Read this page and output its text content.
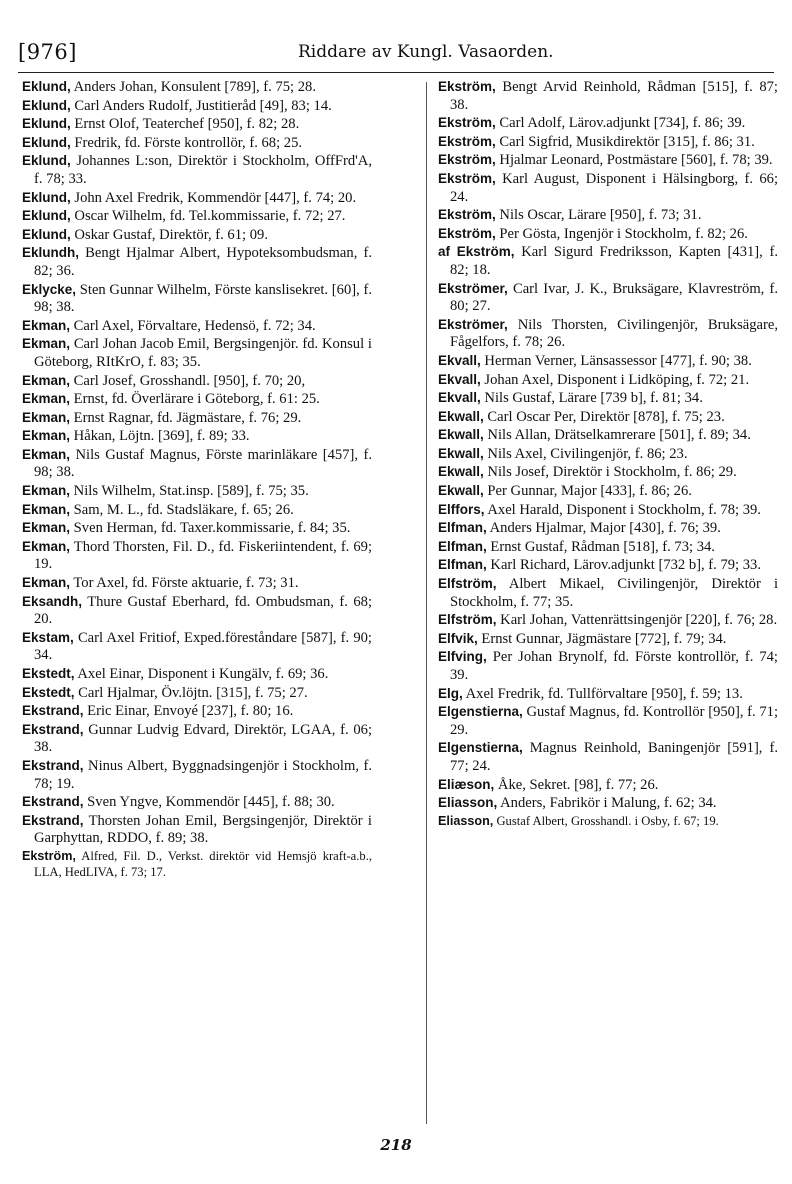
[976]	Riddare av Kungl. Vasaorden.

Eklund, Anders Johan, Konsulent [789], f. 75; 28.

Eklund, Carl Anders Rudolf, Justitieråd [49], 83; 14.

Eklund, Ernst Olof, Teaterchef [950], f. 82; 28.

Eklund, Fredrik, fd. Förste kontrollör, f. 68; 25.

Eklund, Johannes L:son, Direktör i Stockholm, OffFrd'A, f. 78; 33.

Eklund, John Axel Fredrik, Kommendör [447], f. 74; 20.

Eklund, Oscar Wilhelm, fd. Tel.kommissarie, f. 72; 27.

Eklund, Oskar Gustaf, Direktör, f. 61; 09.

Eklundh, Bengt Hjalmar Albert, Hypoteksombudsman, f. 82; 36.

Eklycke, Sten Gunnar Wilhelm, Förste kanslisekret. [60], f. 98; 38.

Ekman, Carl Axel, Förvaltare, Hedensö, f. 72; 34.

Ekman, Carl Johan Jacob Emil, Bergsingenjör. fd. Konsul i Göteborg, RItKrO, f. 83; 35.

Ekman, Carl Josef, Grosshandl. [950], f. 70; 20,

Ekman, Ernst, fd. Överlärare i Göteborg, f. 61: 25.

Ekman, Ernst Ragnar, fd. Jägmästare, f. 76; 29.

Ekman, Håkan, Löjtn. [369], f. 89; 33.

Ekman, Nils Gustaf Magnus, Förste marinläkare [457], f. 98; 38.

Ekman, Nils Wilhelm, Stat.insp. [589], f. 75; 35.

Ekman, Sam, M. L., fd. Stadsläkare, f. 65; 26.

Ekman, Sven Herman, fd. Taxer.kommissarie, f. 84; 35.

Ekman, Thord Thorsten, Fil. D., fd. Fiskeriintendent, f. 69; 19.

Ekman, Tor Axel, fd. Förste aktuarie, f. 73; 31.

Eksandh, Thure Gustaf Eberhard, fd. Ombudsman, f. 68; 20.

Ekstam, Carl Axel Fritiof, Exped.föreståndare [587], f. 90; 34.

Ekstedt, Axel Einar, Disponent i Kungälv, f. 69; 36.

Ekstedt, Carl Hjalmar, Öv.löjtn. [315], f. 75; 27.

Ekstrand, Eric Einar, Envoyé [237], f. 80; 16.

Ekstrand, Gunnar Ludvig Edvard, Direktör, LGAA, f. 06; 38.

Ekstrand, Ninus Albert, Byggnadsingenjör i Stockholm, f. 78; 19.

Ekstrand, Sven Yngve, Kommendör [445], f. 88; 30.

Ekstrand, Thorsten Johan Emil, Bergsingenjör, Direktör i Garphyttan, RDDO, f. 89; 38.

Ekström, Alfred, Fil. D., Verkst. direktör vid Hemsjö kraft-a.b., LLA, HedLIVA, f. 73; 17.

Ekström, Bengt Arvid Reinhold, Rådman [515], f. 87; 38.

Ekström, Carl Adolf, Lärov.adjunkt [734], f. 86; 39.

Ekström, Carl Sigfrid, Musikdirektör [315], f. 86; 31.

Ekström, Hjalmar Leonard, Postmästare [560], f. 78; 39.

Ekström, Karl August, Disponent i Hälsingborg, f. 66; 24.

Ekström, Nils Oscar, Lärare [950], f. 73; 31.

Ekström, Per Gösta, Ingenjör i Stockholm, f. 82; 26.

af Ekström, Karl Sigurd Fredriksson, Kapten [431], f. 82; 18.

Ekströmer, Carl Ivar, J. K., Bruksägare, Klavreström, f. 80; 27.

Ekströmer, Nils Thorsten, Civilingenjör, Bruksägare, Fågelfors, f. 78; 26.

Ekvall, Herman Verner, Länsassessor [477], f. 90; 38.

Ekvall, Johan Axel, Disponent i Lidköping, f. 72; 21.

Ekvall, Nils Gustaf, Lärare [739 b], f. 81; 34.

Ekwall, Carl Oscar Per, Direktör [878], f. 75; 23.

Ekwall, Nils Allan, Drätselkamrerare [501], f. 89; 34.

Ekwall, Nils Axel, Civilingenjör, f. 86; 23.

Ekwall, Nils Josef, Direktör i Stockholm, f. 86; 29.

Ekwall, Per Gunnar, Major [433], f. 86; 26.

Elffors, Axel Harald, Disponent i Stockholm, f. 78; 39.

Elfman, Anders Hjalmar, Major [430], f. 76; 39.

Elfman, Ernst Gustaf, Rådman [518], f. 73; 34.

Elfman, Karl Richard, Lärov.adjunkt [732 b], f. 79; 33.

Elfström, Albert Mikael, Civilingenjör, Direktör i Stockholm, f. 77; 35.

Elfström, Karl Johan, Vattenrättsingenjör [220], f. 76; 28.

Elfvik, Ernst Gunnar, Jägmästare [772], f. 79; 34.

Elfving, Per Johan Brynolf, fd. Förste kontrollör, f. 74; 39.

Elg, Axel Fredrik, fd. Tullförvaltare [950], f. 59; 13.

Elgenstierna, Gustaf Magnus, fd. Kontrollör [950], f. 71; 29.

Elgenstierna, Magnus Reinhold, Baningenjör [591], f. 77; 24.

Eliæson, Åke, Sekret. [98], f. 77; 26.

Eliasson, Anders, Fabrikör i Malung, f. 62; 34.

Eliasson, Gustaf Albert, Grosshandl. i Osby, f. 67; 19.

218
